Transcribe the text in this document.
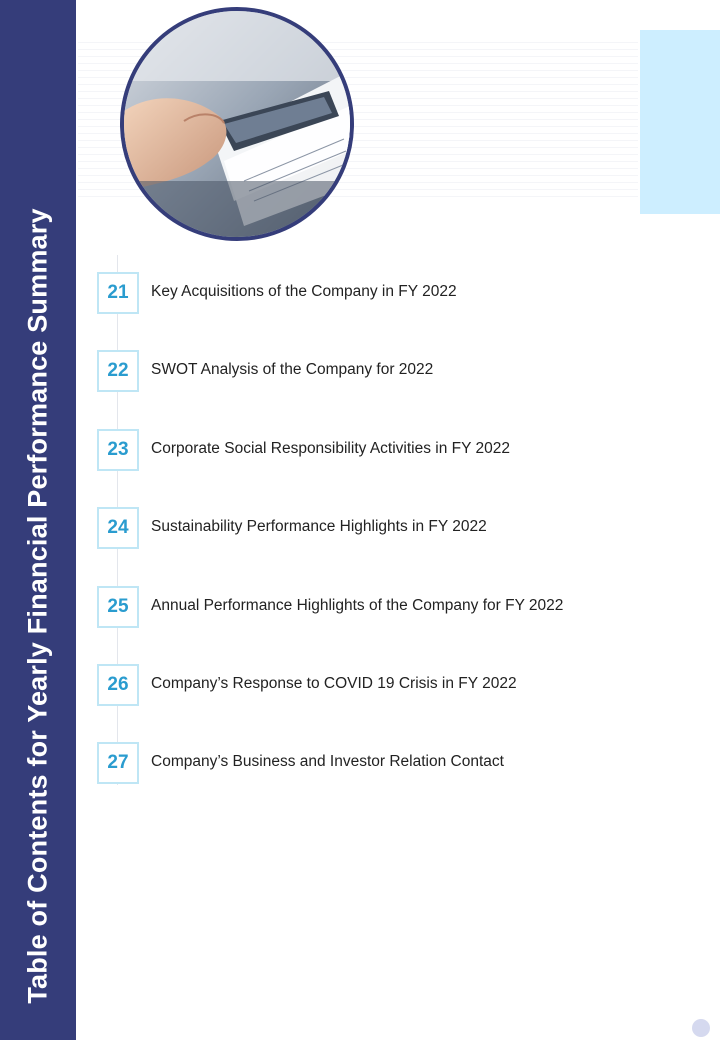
Table of Contents for Yearly Financial Performance Summary	21	Key Acquisitions of the Company in FY 2022
22	SWOT Analysis of the Company for 2022
23	Corporate Social Responsibility Activities in FY 2022
24	Sustainability Performance Highlights in FY 2022
25	Annual Performance Highlights of the Company for FY 2022
26	Company’s Response to COVID 19 Crisis in FY 2022
27	Company’s Business and Investor Relation Contact
